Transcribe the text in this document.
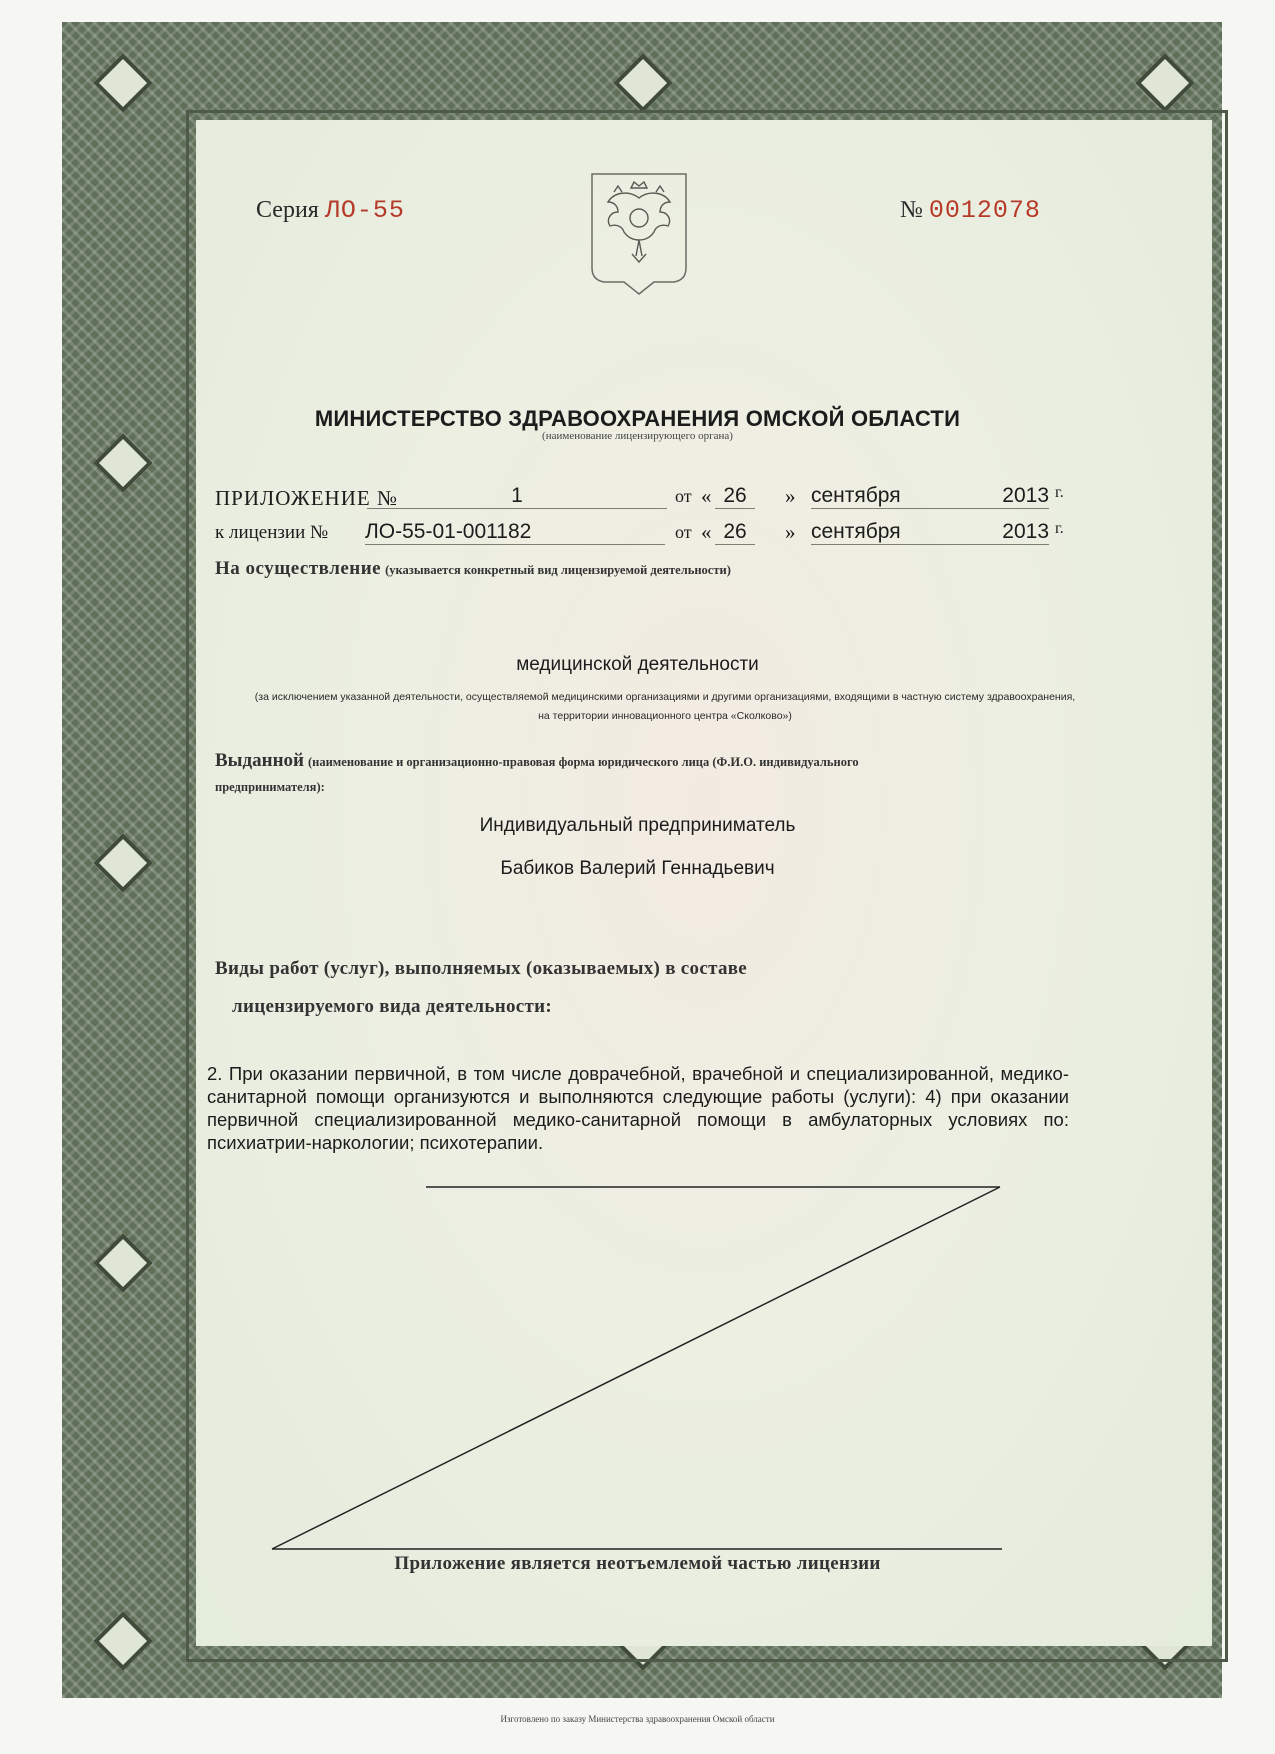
Серия ЛО-55	№ 0012078
МИНИСТЕРСТВО ЗДРАВООХРАНЕНИЯ ОМСКОЙ ОБЛАСТИ
(наименование лицензирующего органа)
ПРИЛОЖЕНИЕ №	1	от « 26	» сентября	2013 г.
к лицензии № ЛО-55-01-001182	от « 26	» сентября	2013 г.
На осуществление (указывается конкретный вид лицензируемой деятельности)
медицинской деятельности
(за исключением указанной деятельности, осуществляемой медицинскими организациями и другими организациями, входящими в частную систему здравоохранения, на территории инновационного центра «Сколково»)
Выданной (наименование и организационно-правовая форма юридического лица (Ф.И.О. индивидуального
предпринимателя):
Индивидуальный предприниматель
Бабиков Валерий Геннадьевич
Виды работ (услуг), выполняемых (оказываемых) в составе
лицензируемого вида деятельности:
2. При оказании первичной, в том числе доврачебной, врачебной и специализированной, медико-санитарной помощи организуются и выполняются следующие работы (услуги): 4) при оказании первичной специализированной медико-санитарной помощи в амбулаторных условиях по: психиатрии-наркологии; психотерапии.
Приложение является неотъемлемой частью лицензии
Изготовлено по заказу Министерства здравоохранения Омской области
